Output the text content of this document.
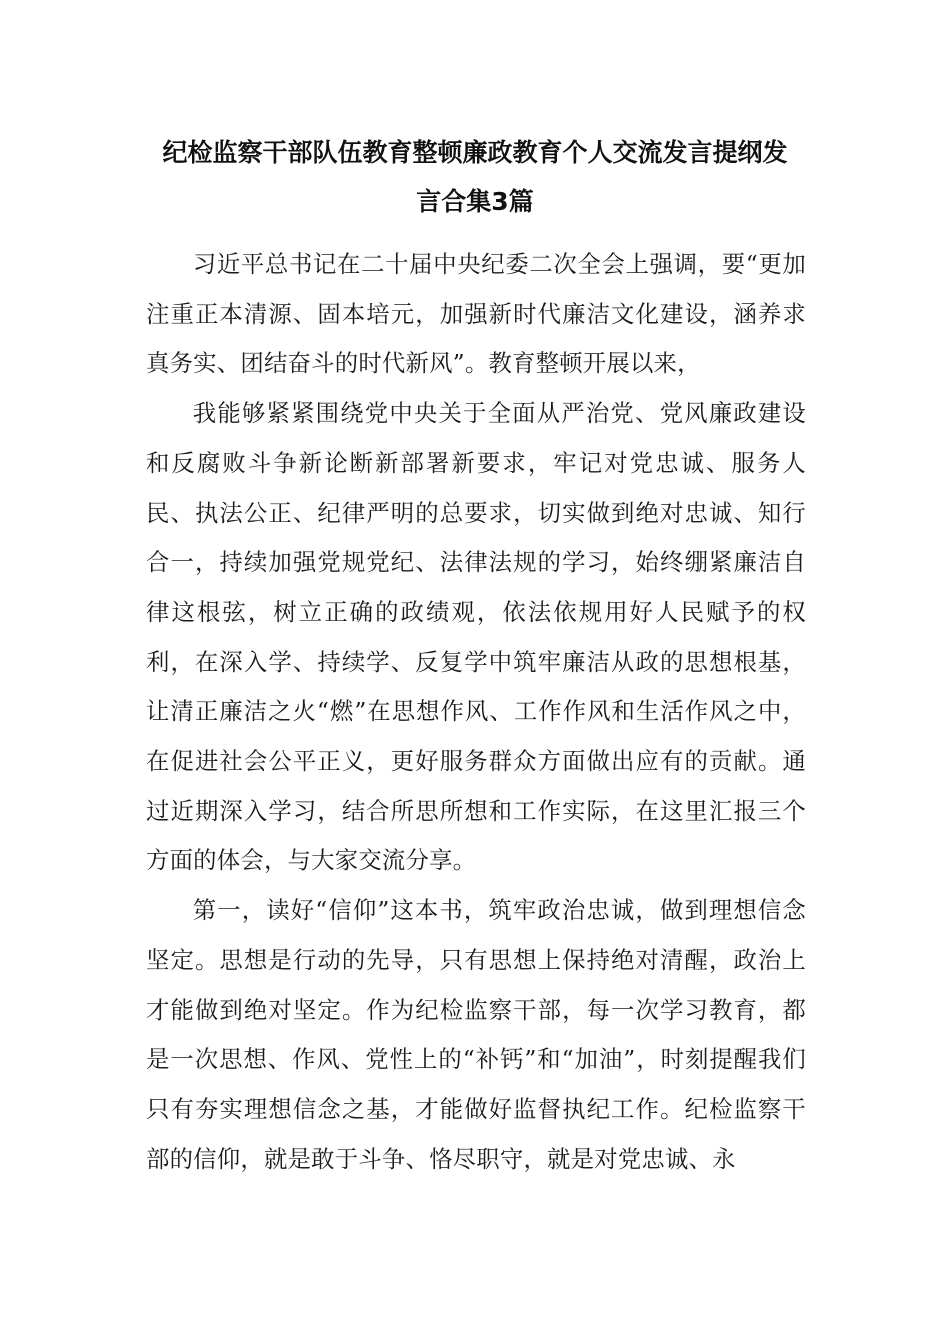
纪检监察干部队伍教育整顿廉政教育个人交流发言提纲发
言合集3篇

习近平总书记在二十届中央纪委二次全会上强调，要“更加注重正本清源、固本培元，加强新时代廉洁文化建设，涵养求真务实、团结奋斗的时代新风”。教育整顿开展以来，

我能够紧紧围绕党中央关于全面从严治党、党风廉政建设和反腐败斗争新论断新部署新要求，牢记对党忠诚、服务人民、执法公正、纪律严明的总要求，切实做到绝对忠诚、知行合一，持续加强党规党纪、法律法规的学习，始终绷紧廉洁自律这根弦，树立正确的政绩观，依法依规用好人民赋予的权利，在深入学、持续学、反复学中筑牢廉洁从政的思想根基，让清正廉洁之火“燃”在思想作风、工作作风和生活作风之中，在促进社会公平正义，更好服务群众方面做出应有的贡献。通过近期深入学习，结合所思所想和工作实际，在这里汇报三个方面的体会，与大家交流分享。

第一，读好“信仰”这本书，筑牢政治忠诚，做到理想信念坚定。思想是行动的先导，只有思想上保持绝对清醒，政治上才能做到绝对坚定。作为纪检监察干部，每一次学习教育，都是一次思想、作风、党性上的“补钙”和“加油”，时刻提醒我们只有夯实理想信念之基，才能做好监督执纪工作。纪检监察干部的信仰，就是敢于斗争、恪尽职守，就是对党忠诚、永
